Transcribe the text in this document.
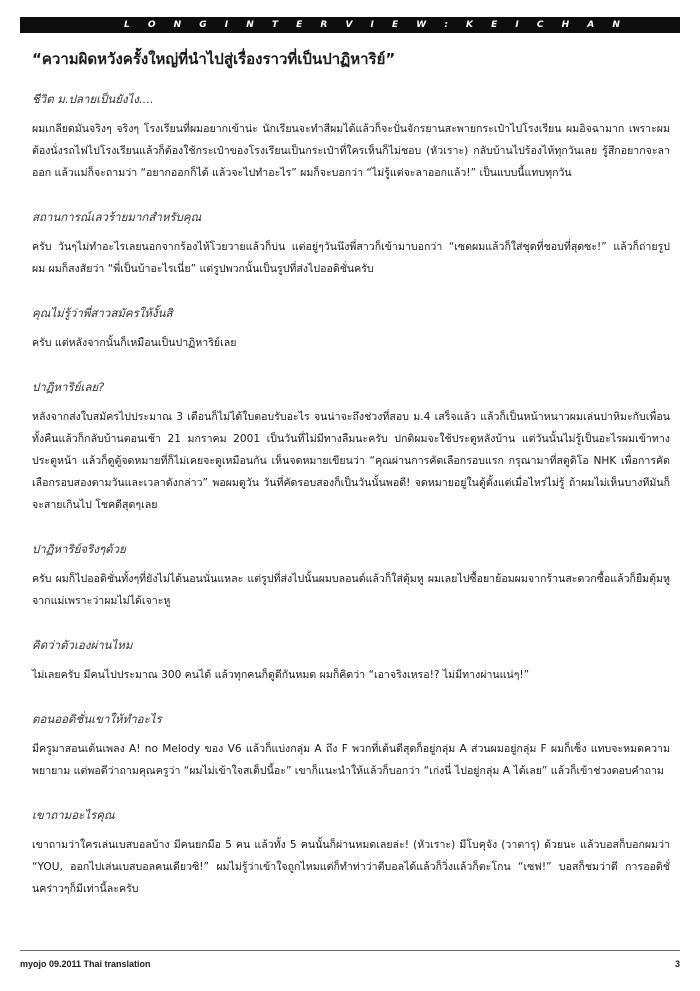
L O N G I N T E R V I E W : K E I C H A N
“ความผิดหวังครั้งใหญ่ที่นำไปสู่เรื่องราวที่เป็นปาฏิหาริย์”

ชีวิต ม.ปลายเป็นยังไง....

ผมเกลียดมันจริงๆ จริงๆ โรงเรียนที่ผมอยากเข้าน่ะ นักเรียนจะทำสีผมได้แล้วก็จะปั่นจักรยานสะพายกระเป๋าไปโรงเรียน ผมอิจฉามาก เพราะผมต้องนั่งรถไฟไปโรงเรียนแล้วก็ต้องใช้กระเป๋าของโรงเรียนเป็นกระเป๋าที่ใครเห็นก็ไม่ชอบ (หัวเราะ) กลับบ้านไปร้องไห้ทุกวันเลย รู้สึกอยากจะลาออก แล้วแม่ก็จะถามว่า “อยากออกก็ได้ แล้วจะไปทำอะไร” ผมก็จะบอกว่า “ไม่รู้แต่จะลาออกแล้ว!” เป็นแบบนี้แทบทุกวัน

สถานการณ์เลวร้ายมากสำหรับคุณ

ครับ วันๆไม่ทำอะไรเลยนอกจากร้องไห้โวยวายแล้วก็บ่น แต่อยู่ๆวันนึงพี่สาวก็เข้ามาบอกว่า “เซตผมแล้วก็ใส่ชุดที่ชอบที่สุดซะ!” แล้วก็ถ่ายรูปผม ผมก็สงสัยว่า “พี่เป็นบ้าอะไรเนี่ย” แต่รูปพวกนั้นเป็นรูปที่ส่งไปออดิชั่นครับ

คุณไม่รู้ว่าพี่สาวสมัครให้งั้นสิ

ครับ แต่หลังจากนั้นก็เหมือนเป็นปาฏิหาริย์เลย

ปาฏิหาริย์เลย?

หลังจากส่งใบสมัครไปประมาณ 3 เดือนก็ไม่ได้ใบตอบรับอะไร จนน่าจะถึงช่วงที่สอบ ม.4 เสร็จแล้ว แล้วก็เป็นหน้าหนาวผมเล่นปาหิมะกับเพื่อนทั้งคืนแล้วก็กลับบ้านตอนเช้า 21 มกราคม 2001 เป็นวันที่ไม่มีทางลืมนะครับ ปกติผมจะใช้ประตูหลังบ้าน แต่วันนั้นไม่รู้เป็นอะไรผมเข้าทางประตูหน้า แล้วก็ดูตู้จดหมายที่ก็ไม่เคยจะดูเหมือนกัน เห็นจดหมายเขียนว่า “คุณผ่านการคัดเลือกรอบแรก กรุณามาที่สตูดิโอ NHK เพื่อการคัดเลือกรอบสองตามวันและเวลาดังกล่าว” พอผมดูวัน วันที่คัดรอบสองก็เป็นวันนั้นพอดี! จดหมายอยู่ในตู้ตั้งแต่เมื่อไหร่ไม่รู้ ถ้าผมไม่เห็นบางทีมันก็จะสายเกินไป โชคดีสุดๆเลย

ปาฏิหาริย์จริงๆด้วย

ครับ ผมก็ไปออดิชั่นทั้งๆที่ยังไม่ได้นอนนั่นแหละ แต่รูปที่ส่งไปนั้นผมบลอนด์แล้วก็ใส่ตุ้มหู ผมเลยไปซื้อยาย้อมผมจากร้านสะดวกซื้อแล้วก็ยืมตุ้มหูจากแม่เพราะว่าผมไม่ได้เจาะหู

คิดว่าตัวเองผ่านไหม

ไม่เลยครับ มีคนไปประมาณ 300 คนได้ แล้วทุกคนก็ดูดีกันหมด ผมก็คิดว่า “เอาจริงเหรอ!? ไม่มีทางผ่านแน่ๆ!”

ตอนออดิชั่นเขาให้ทำอะไร

มีครูมาสอนเต้นเพลง A! no Melody ของ V6 แล้วก็แบ่งกลุ่ม A ถึง F พวกที่เต้นดีสุดก็อยู่กลุ่ม A ส่วนผมอยู่กลุ่ม F ผมก็เซ็ง แทบจะหมดความพยายาม แต่พอดีว่าถามคุณครูว่า “ผมไม่เข้าใจสเต็ปนี้อะ” เขาก็แนะนำให้แล้วก็บอกว่า “เก่งนี่ ไปอยู่กลุ่ม A ได้เลย” แล้วก็เข้าช่วงตอบคำถาม

เขาถามอะไรคุณ

เขาถามว่าใครเล่นเบสบอลบ้าง มีคนยกมือ 5 คน แล้วทั้ง 5 คนนั้นก็ผ่านหมดเลยล่ะ! (หัวเราะ) มีโบคุจัง (วาตารุ) ด้วยนะ แล้วบอสก็บอกผมว่า “YOU, ออกไปเล่นเบสบอลคนเดียวซิ!” ผมไม่รู้ว่าเข้าใจถูกไหมแต่ก็ทำท่าว่าตีบอลได้แล้วก็วิ่งแล้วก็ตะโกน “เซฟ!” บอสก็ชมว่าดี การออดิชั่นคร่าวๆก็มีเท่านี้ละครับ

myojo 09.2011 Thai translation	3
